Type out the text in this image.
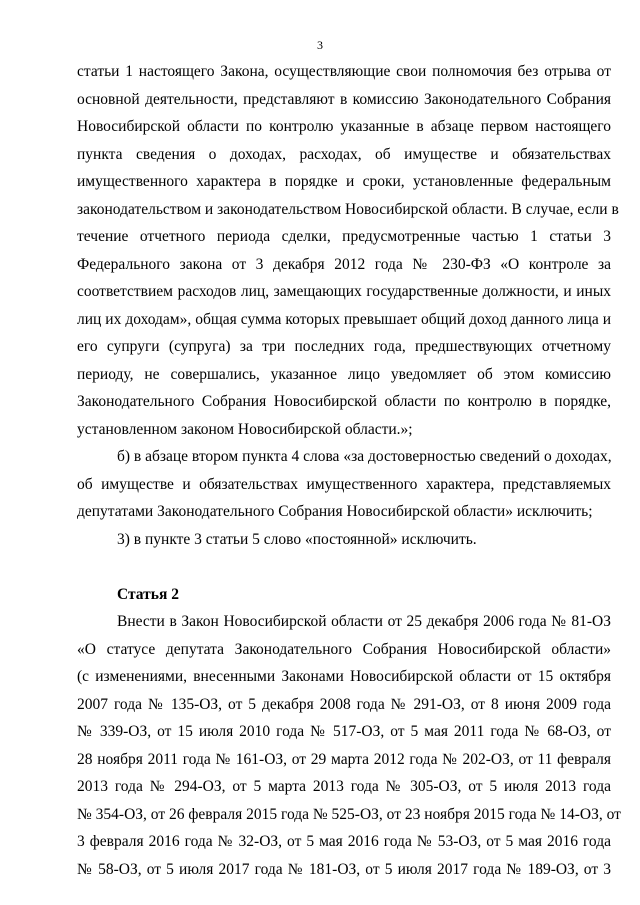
3
статьи 1 настоящего Закона, осуществляющие свои полномочия без отрыва от
основной деятельности, представляют в комиссию Законодательного Собрания
Новосибирской области по контролю указанные в абзаце первом настоящего
пункта сведения о доходах, расходах, об имуществе и обязательствах
имущественного характера в порядке и сроки, установленные федеральным
законодательством и законодательством Новосибирской области. В случае, если в
течение отчетного периода сделки, предусмотренные частью 1 статьи 3
Федерального закона от 3 декабря 2012 года № 230-ФЗ «О контроле за
соответствием расходов лиц, замещающих государственные должности, и иных
лиц их доходам», общая сумма которых превышает общий доход данного лица и
его супруги (супруга) за три последних года, предшествующих отчетному
периоду, не совершались, указанное лицо уведомляет об этом комиссию
Законодательного Собрания Новосибирской области по контролю в порядке,
установленном законом Новосибирской области.»;
б) в абзаце втором пункта 4 слова «за достоверностью сведений о доходах,
об имуществе и обязательствах имущественного характера, представляемых
депутатами Законодательного Собрания Новосибирской области» исключить;
3) в пункте 3 статьи 5 слово «постоянной» исключить.
Статья 2
Внести в Закон Новосибирской области от 25 декабря 2006 года № 81-ОЗ
«О статусе депутата Законодательного Собрания Новосибирской области»
(с изменениями, внесенными Законами Новосибирской области от 15 октября
2007 года № 135-ОЗ, от 5 декабря 2008 года № 291-ОЗ, от 8 июня 2009 года
№ 339-ОЗ, от 15 июля 2010 года № 517-ОЗ, от 5 мая 2011 года № 68-ОЗ, от
28 ноября 2011 года № 161-ОЗ, от 29 марта 2012 года № 202-ОЗ, от 11 февраля
2013 года № 294-ОЗ, от 5 марта 2013 года № 305-ОЗ, от 5 июля 2013 года
№ 354-ОЗ, от 26 февраля 2015 года № 525-ОЗ, от 23 ноября 2015 года № 14-ОЗ, от
3 февраля 2016 года № 32-ОЗ, от 5 мая 2016 года № 53-ОЗ, от 5 мая 2016 года
№ 58-ОЗ, от 5 июля 2017 года № 181-ОЗ, от 5 июля 2017 года № 189-ОЗ, от 3
